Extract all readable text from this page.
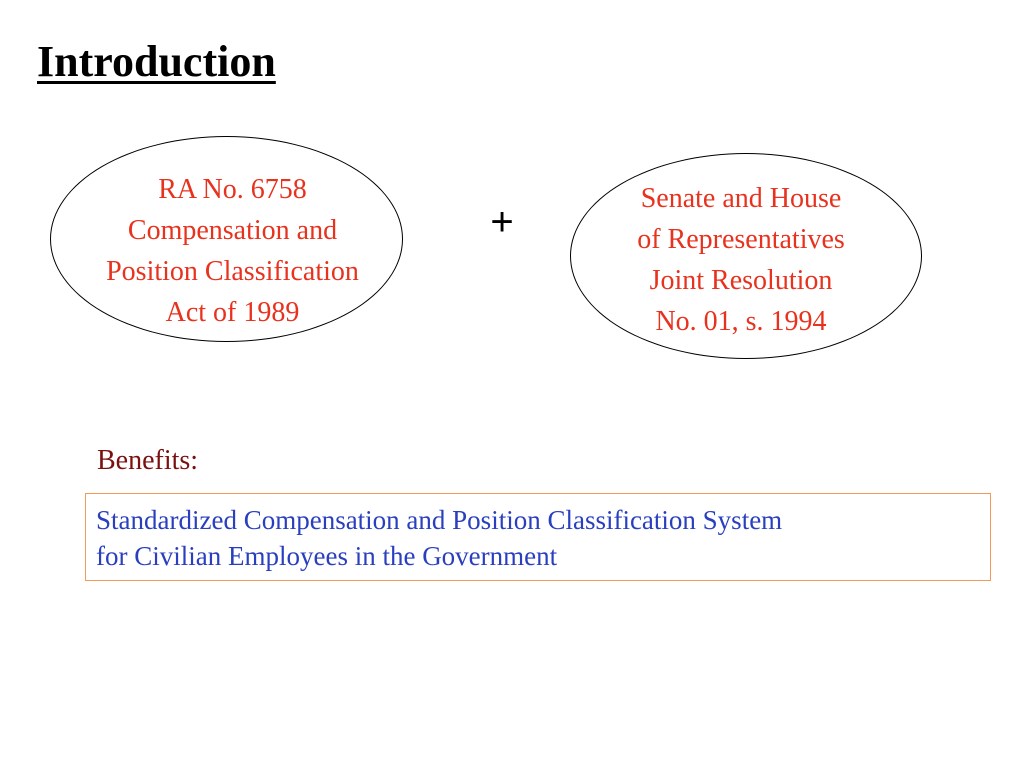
Introduction
RA No. 6758
Compensation and
Position Classification
Act of 1989
+
Senate and House
of Representatives
Joint Resolution
No. 01, s. 1994
Benefits:
Standardized Compensation and Position Classification System
for Civilian Employees in the Government
